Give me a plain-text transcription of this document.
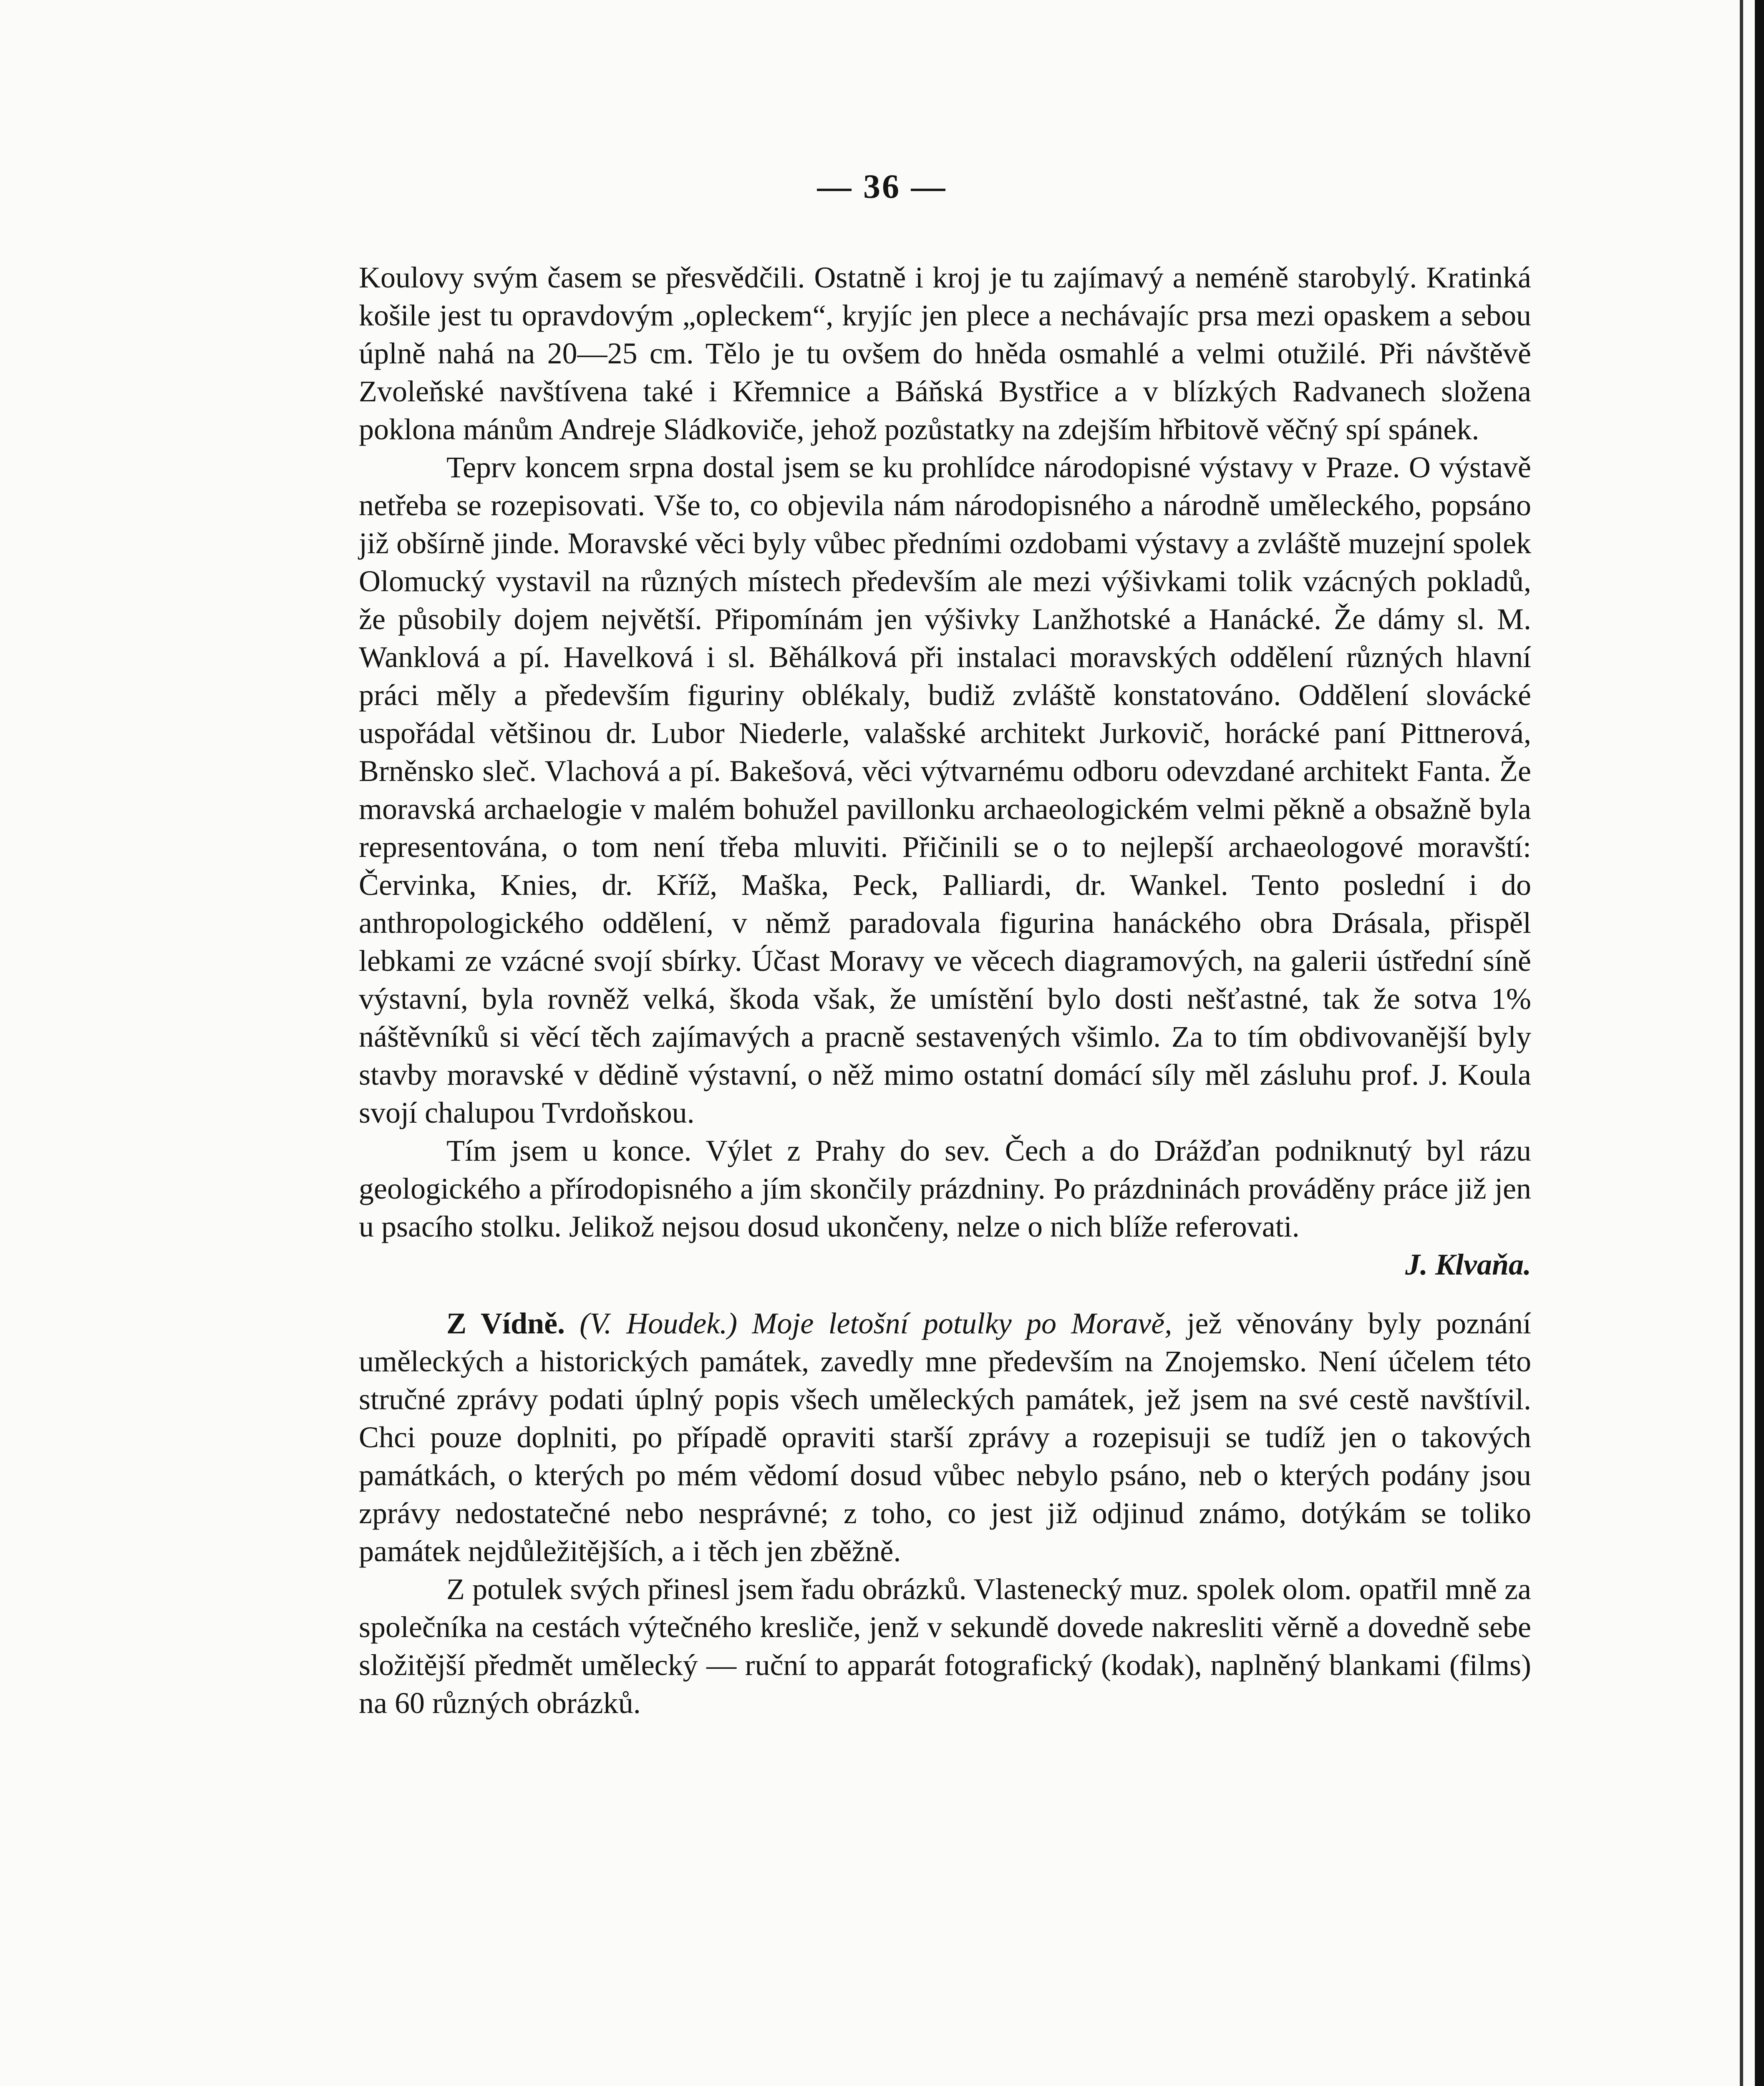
— 36 —

Koulovy svým časem se přesvědčili. Ostatně i kroj je tu zajímavý a neméně starobylý. Kratinká košile jest tu opravdovým „opleckem“, kryjíc jen plece a nechávajíc prsa mezi opaskem a sebou úplně nahá na 20—25 cm. Tělo je tu ovšem do hněda osmahlé a velmi otužilé. Při návštěvě Zvoleňské navštívena také i Křemnice a Báňská Bystřice a v blízkých Radvanech složena poklona mánům Andreje Sládkoviče, jehož pozůstatky na zdejším hřbitově věčný spí spánek.

Teprv koncem srpna dostal jsem se ku prohlídce národopisné výstavy v Praze. O výstavě netřeba se rozepisovati. Vše to, co objevila nám národopisného a národně uměleckého, popsáno již obšírně jinde. Moravské věci byly vůbec předními ozdobami výstavy a zvláště muzejní spolek Olomucký vystavil na různých místech především ale mezi výšivkami tolik vzácných pokladů, že působily dojem největší. Připomínám jen výšivky Lanžhotské a Hanácké. Že dámy sl. M. Wanklová a pí. Havelková i sl. Běhálková při instalaci moravských oddělení různých hlavní práci měly a především figuriny oblékaly, budiž zvláště konstatováno. Oddělení slovácké uspořádal většinou dr. Lubor Niederle, valašské architekt Jurkovič, horácké paní Pittnerová, Brněnsko sleč. Vlachová a pí. Bakešová, věci výtvarnému odboru odevzdané architekt Fanta. Že moravská archaelogie v malém bohužel pavillonku archaeologickém velmi pěkně a obsažně byla representována, o tom není třeba mluviti. Přičinili se o to nejlepší archaeologové moravští: Červinka, Knies, dr. Kříž, Maška, Peck, Palliardi, dr. Wankel. Tento poslední i do anthropologického oddělení, v němž paradovala figurina hanáckého obra Drásala, přispěl lebkami ze vzácné svojí sbírky. Účast Moravy ve věcech diagramových, na galerii ústřední síně výstavní, byla rovněž velká, škoda však, že umístění bylo dosti nešťastné, tak že sotva 1% náštěvníků si věcí těch zajímavých a pracně sestavených všimlo. Za to tím obdivovanější byly stavby moravské v dědině výstavní, o něž mimo ostatní domácí síly měl zásluhu prof. J. Koula svojí chalupou Tvrdoňskou.

Tím jsem u konce. Výlet z Prahy do sev. Čech a do Drážďan podniknutý byl rázu geologického a přírodopisného a jím skončily prázdniny. Po prázdninách prováděny práce již jen u psacího stolku. Jelikož nejsou dosud ukončeny, nelze o nich blíže referovati.

J. Klvaňa.

Z Vídně. (V. Houdek.) Moje letošní potulky po Moravě, jež věnovány byly poznání uměleckých a historických památek, zavedly mne především na Znojemsko. Není účelem této stručné zprávy podati úplný popis všech uměleckých památek, jež jsem na své cestě navštívil. Chci pouze doplniti, po případě opraviti starší zprávy a rozepisuji se tudíž jen o takových památkách, o kterých po mém vědomí dosud vůbec nebylo psáno, neb o kterých podány jsou zprávy nedostatečné nebo nesprávné; z toho, co jest již odjinud známo, dotýkám se toliko památek nejdůležitějších, a i těch jen zběžně.

Z potulek svých přinesl jsem řadu obrázků. Vlastenecký muz. spolek olom. opatřil mně za společníka na cestách výtečného kresliče, jenž v sekundě dovede nakresliti věrně a dovedně sebe složitější předmět umělecký — ruční to apparát fotografický (kodak), naplněný blankami (films) na 60 různých obrázků.
